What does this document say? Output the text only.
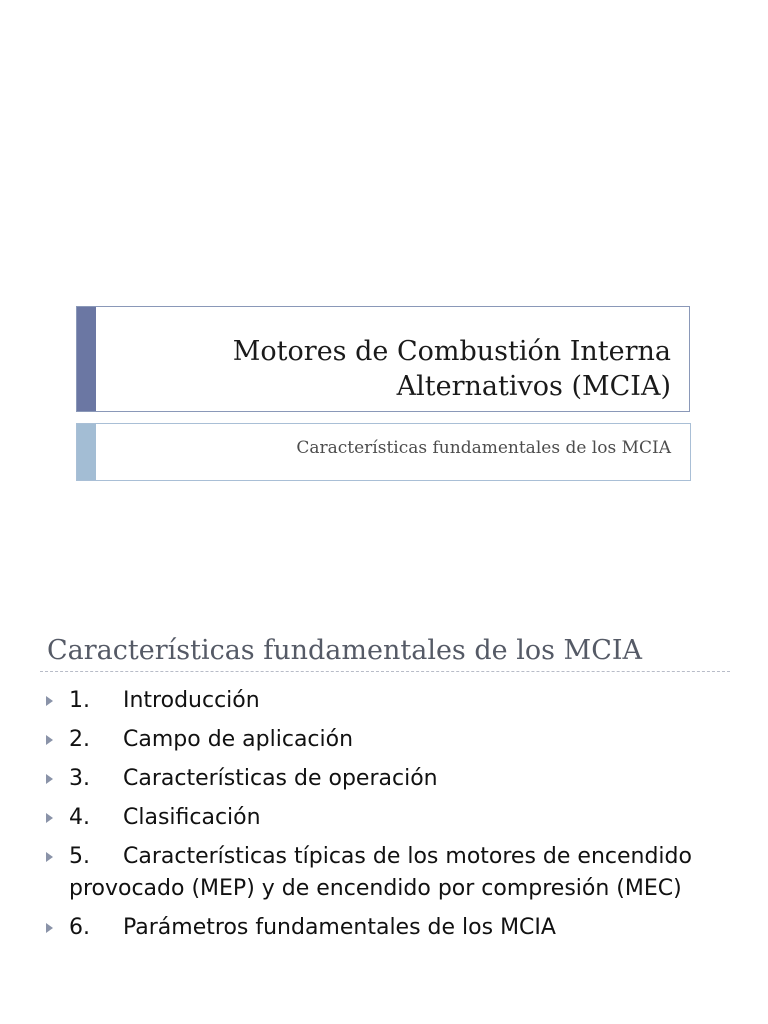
Motores de Combustión Interna
Alternativos (MCIA)
Características fundamentales de los MCIA
Características fundamentales de los MCIA
1. Introducción
2. Campo de aplicación
3. Características de operación
4. Clasificación
5. Características típicas de los motores de encendido provocado (MEP) y de encendido por compresión (MEC)
6. Parámetros fundamentales de los MCIA
